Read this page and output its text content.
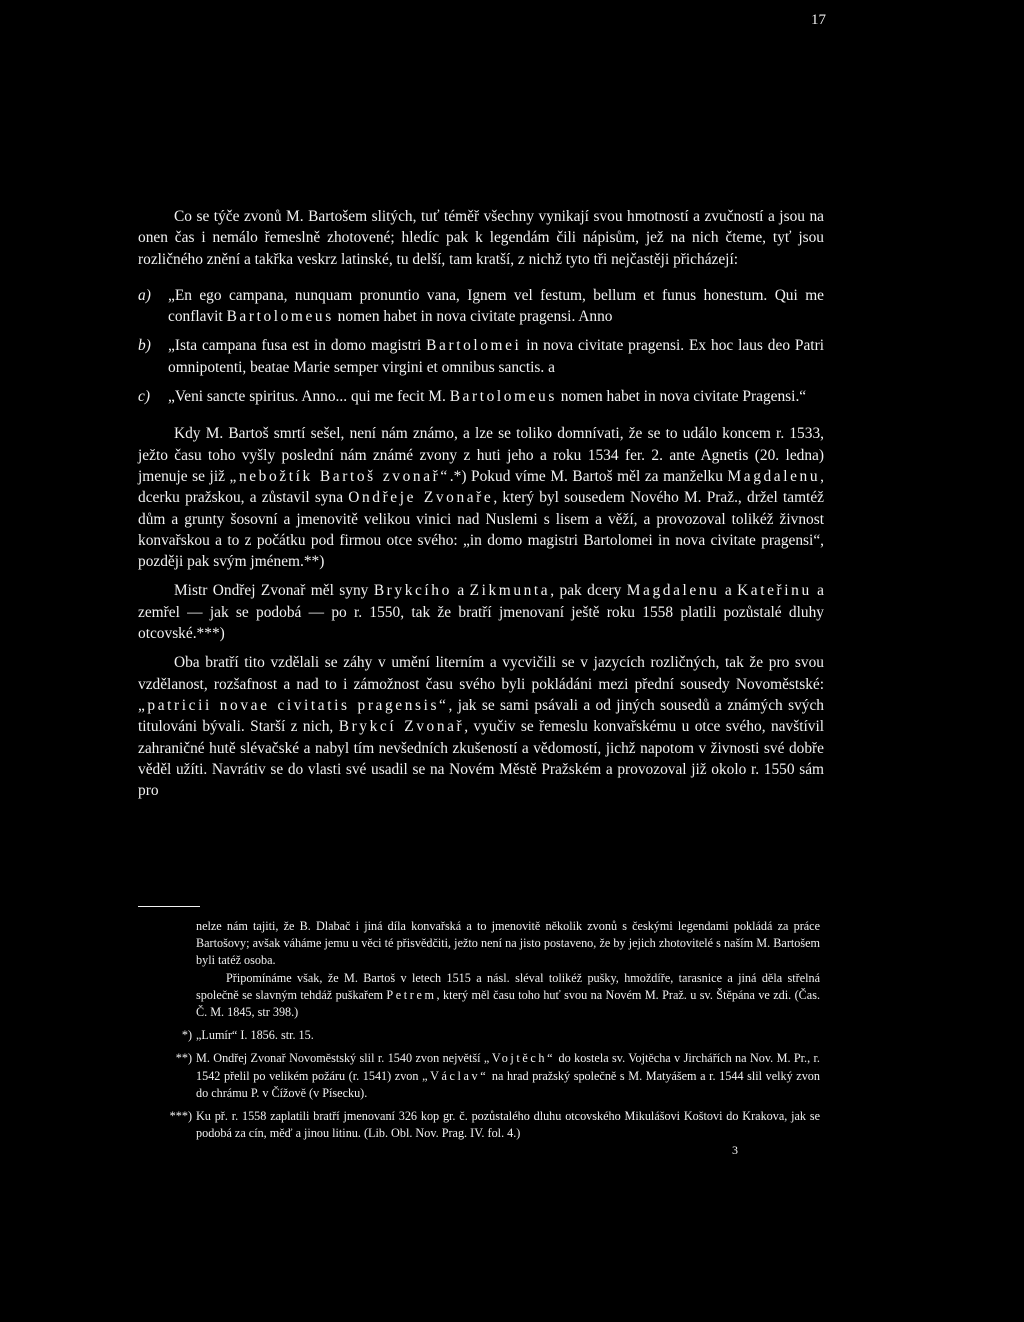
17

Co se týče zvonů M. Bartošem slitých, tuť téměř všechny vynikají svou hmotností a zvučností a jsou na onen čas i nemálo řemeslně zhotovené; hledíc pak k legendám čili nápisům, jež na nich čteme, tyť jsou rozličného znění a takřka veskrz latinské, tu delší, tam kratší, z nichž tyto tři nejčastěji přicházejí:

a)	„En ego campana, nunquam pronuntio vana, Ignem vel festum, bellum et funus honestum. Qui me conflavit Bartolomeus nomen habet in nova civitate pragensi. Anno
b)	„Ista campana fusa est in domo magistri Bartolomei in nova civitate pragensi. Ex hoc laus deo Patri omnipotenti, beatae Marie semper virgini et omnibus sanctis. a
c)	„Veni sancte spiritus. Anno... qui me fecit M. Bartolomeus nomen habet in nova civitate Pragensi.“

Kdy M. Bartoš smrtí sešel, není nám známo, a lze se toliko domnívati, že se to událo koncem r. 1533, ježto času toho vyšly poslední nám známé zvony z huti jeho a roku 1534 fer. 2. ante Agnetis (20. ledna) jmenuje se již „nebožtík Bartoš zvonař“.*) Pokud víme M. Bartoš měl za manželku Magdalenu, dcerku pražskou, a zůstavil syna Ondřeje Zvonaře, který byl sousedem Nového M. Praž., držel tamtéž dům a grunty šosovní a jmenovitě velikou vinici nad Nuslemi s lisem a věží, a provozoval tolikéž živnost konvařskou a to z počátku pod firmou otce svého: „in domo magistri Bartolomei in nova civitate pragensi“, později pak svým jménem.**)

Mistr Ondřej Zvonař měl syny Brykcího a Zikmunta, pak dcery Magdalenu a Kateřinu a zemřel — jak se podobá — po r. 1550, tak že bratří jmenovaní ještě roku 1558 platili pozůstalé dluhy otcovské.***)

Oba bratří tito vzdělali se záhy v umění literním a vycvičili se v jazycích rozličných, tak že pro svou vzdělanost, rozšafnost a nad to i zámožnost času svého byli pokládáni mezi přední sousedy Novoměstské: „patricii novae civitatis pragensis“, jak se sami psávali a od jiných sousedů a známých svých titulováni bývali. Starší z nich, Brykcí Zvonař, vyučiv se řemeslu konvařskému u otce svého, navštívil zahraničné hutě slévačské a nabyl tím nevšedních zkušeností a vědomostí, jichž napotom v živnosti své dobře věděl užíti. Navrátiv se do vlasti své usadil se na Novém Městě Pražském a provozoval již okolo r. 1550 sám pro

nelze nám tajiti, že B. Dlabač i jiná díla konvařská a to jmenovitě několik zvonů s českými legendami pokládá za práce Bartošovy; avšak váháme jemu u věci té přisvědčiti, ježto není na jisto postaveno, že by jejich zhotovitelé s naším M. Bartošem byli tatéž osoba.

Připomínáme však, že M. Bartoš v letech 1515 a násl. sléval tolikéž pušky, hmoždíře, tarasnice a jiná děla střelná společně se slavným tehdáž puškařem Petrem, který měl času toho huť svou na Novém M. Praž. u sv. Štěpána ve zdi. (Čas. Č. M. 1845, str 398.)

*) „Lumír“ I. 1856. str. 15.
**) M. Ondřej Zvonař Novoměstský slil r. 1540 zvon největší „Vojtěch“ do kostela sv. Vojtěcha v Jirchářích na Nov. M. Pr., r. 1542 přelil po velikém požáru (r. 1541) zvon „Václav“ na hrad pražský společně s M. Matyášem a r. 1544 slil velký zvon do chrámu P. v Čížově (v Písecku).
***) Ku př. r. 1558 zaplatili bratří jmenovaní 326 kop gr. č. pozůstalého dluhu otcovského Mikulášovi Koštovi do Krakova, jak se podobá za cín, měď a jinou litinu. (Lib. Obl. Nov. Prag. IV. fol. 4.)

3
